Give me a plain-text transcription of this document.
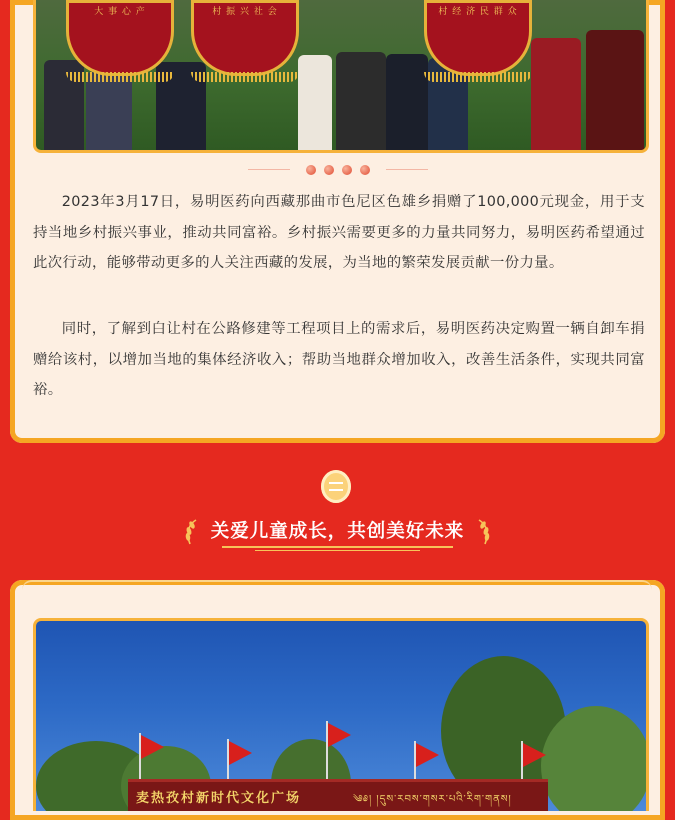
大 事 心 产	村 振 兴 社 会	村 经 济 民 群 众

2023年3月17日，易明医药向西藏那曲市色尼区色雄乡捐赠了100,000元现金，用于支持当地乡村振兴事业，推动共同富裕。乡村振兴需要更多的力量共同努力，易明医药希望通过此次行动，能够带动更多的人关注西藏的发展，为当地的繁荣发展贡献一份力量。

同时，了解到白让村在公路修建等工程项目上的需求后，易明医药决定购置一辆自卸车捐赠给该村，以增加当地的集体经济收入；帮助当地群众增加收入，改善生活条件，实现共同富裕。

关爱儿童成长，共创美好未来
麦热孜村新时代文化广场	༄༅། །དུས་རབས་གསར་པའི་རིག་གནས།
